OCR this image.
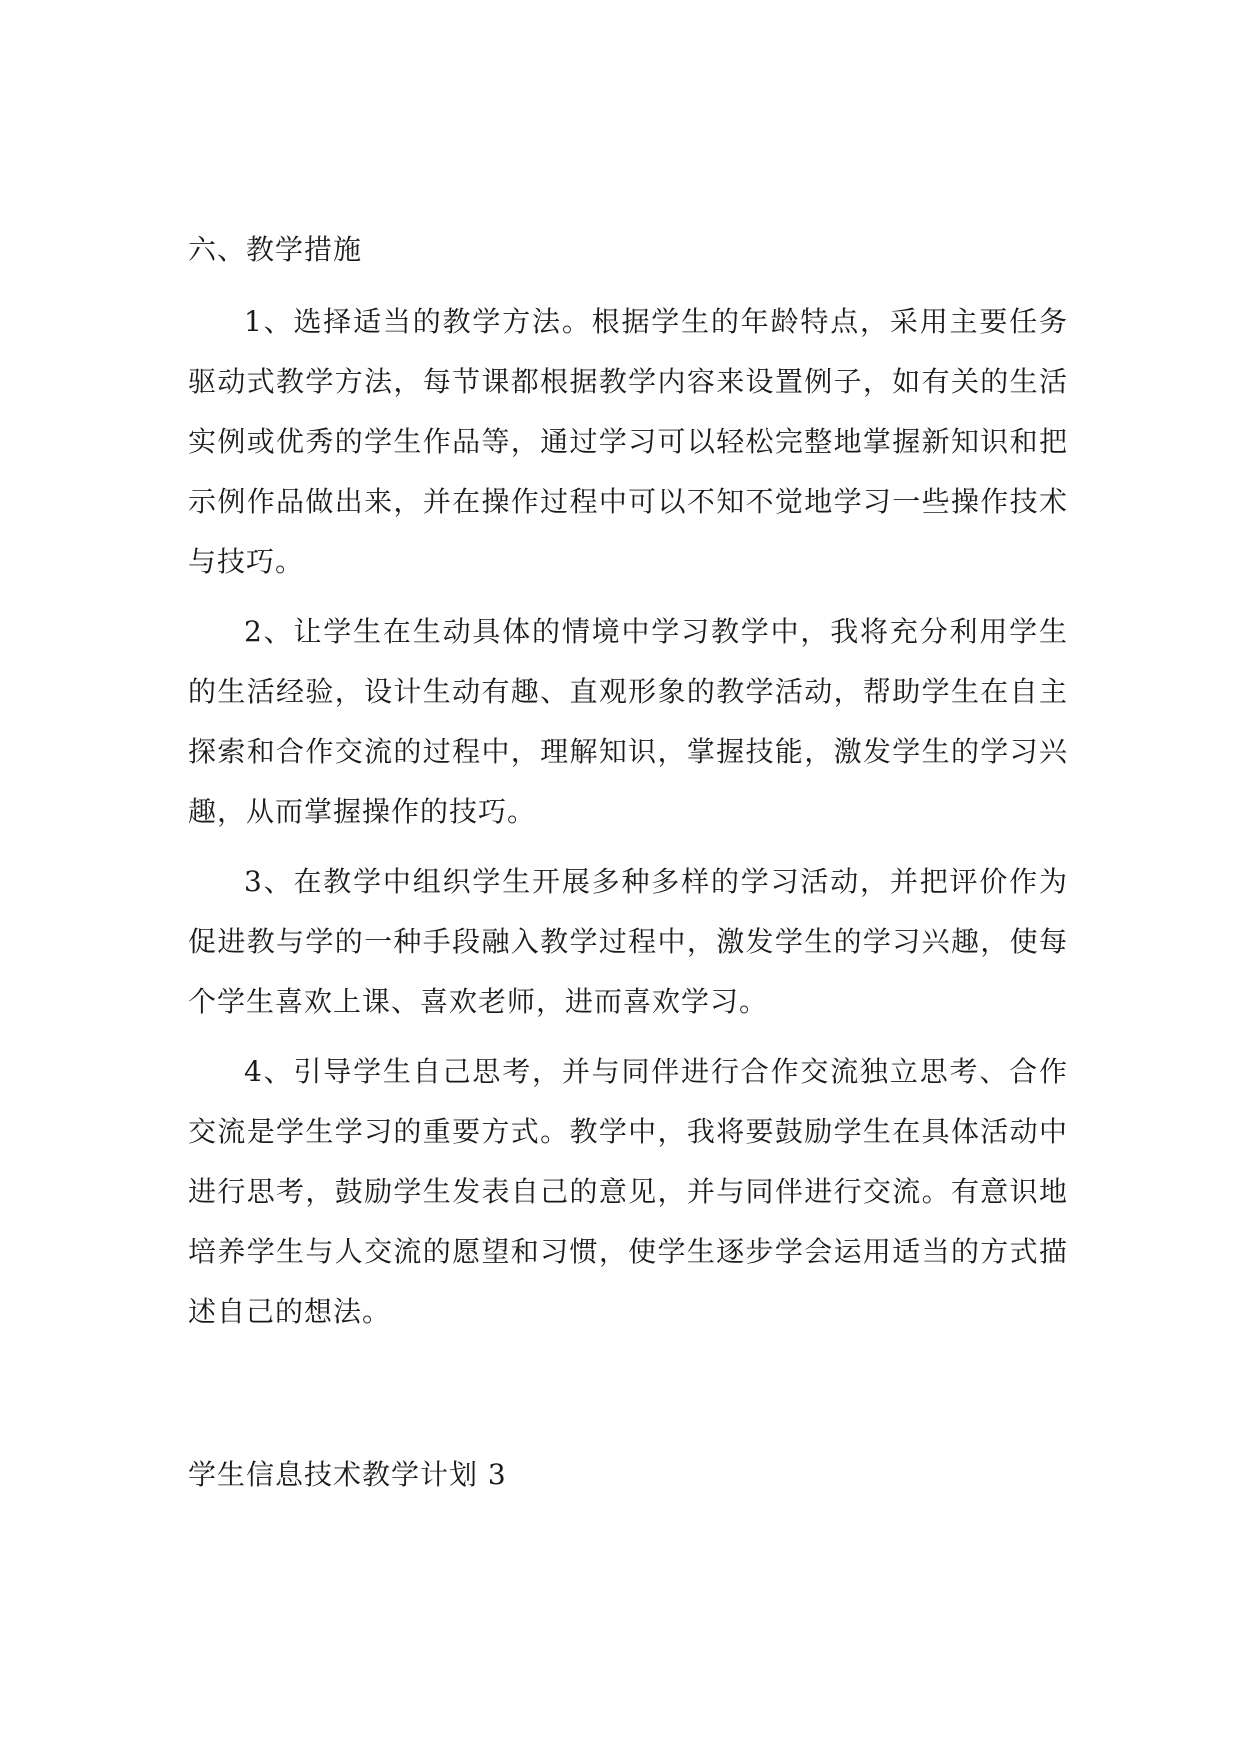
六、教学措施

1、选择适当的教学方法。根据学生的年龄特点，采用主要任务驱动式教学方法，每节课都根据教学内容来设置例子，如有关的生活实例或优秀的学生作品等，通过学习可以轻松完整地掌握新知识和把示例作品做出来，并在操作过程中可以不知不觉地学习一些操作技术与技巧。

2、让学生在生动具体的情境中学习教学中，我将充分利用学生的生活经验，设计生动有趣、直观形象的教学活动，帮助学生在自主探索和合作交流的过程中，理解知识，掌握技能，激发学生的学习兴趣，从而掌握操作的技巧。

3、在教学中组织学生开展多种多样的学习活动，并把评价作为促进教与学的一种手段融入教学过程中，激发学生的学习兴趣，使每个学生喜欢上课、喜欢老师，进而喜欢学习。

4、引导学生自己思考，并与同伴进行合作交流独立思考、合作交流是学生学习的重要方式。教学中，我将要鼓励学生在具体活动中进行思考，鼓励学生发表自己的意见，并与同伴进行交流。有意识地培养学生与人交流的愿望和习惯，使学生逐步学会运用适当的方式描述自己的想法。

学生信息技术教学计划 3
